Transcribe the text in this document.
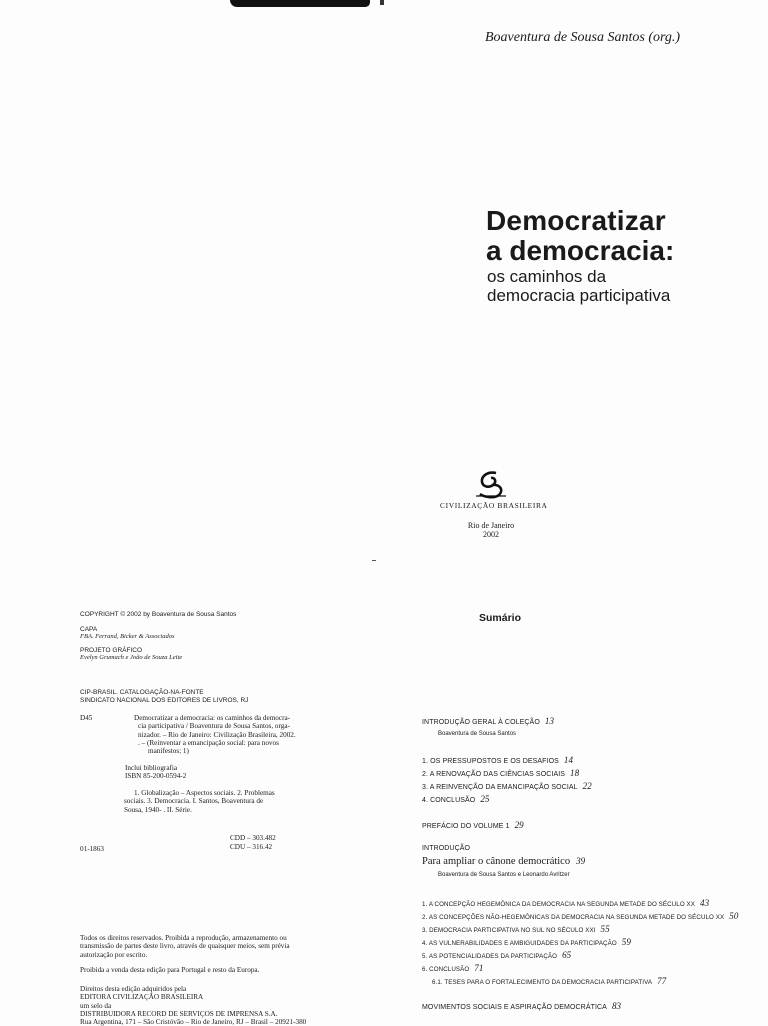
Boaventura de Sousa Santos (org.)
Democratizar
a democracia:
os caminhos da
democracia participativa
CIVILIZAÇÃO BRASILEIRA
Rio de Janeiro
2002
COPYRIGHT © 2002 by Boaventura de Sousa Santos
CAPA
FBA. Ferrand, Bicker & Associados
PROJETO GRÁFICO
Evelyn Grumach e João de Souza Leite
CIP-BRASIL. CATALOGAÇÃO-NA-FONTE
SINDICATO NACIONAL DOS EDITORES DE LIVROS, RJ
D45	Democratizar a democracia: os caminhos da democra-
cia participativa / Boaventura de Sousa Santos, orga-
nizador. – Rio de Janeiro: Civilização Brasileira, 2002.
. – (Reinventar a emancipação social: para novos
manifestos; 1)
Inclui bibliografia
ISBN 85-200-0594-2
1. Globalização – Aspectos sociais. 2. Problemas
sociais. 3. Democracia. I. Santos, Boaventura de
Sousa, 1940- . II. Série.
CDD – 303.482
CDU – 316.42
01-1863
Todos os direitos reservados. Proibida a reprodução, armazenamento ou
transmissão de partes deste livro, através de quaisquer meios, sem prévia
autorização por escrito.
Proibida a venda desta edição para Portugal e resto da Europa.
Direitos desta edição adquiridos pela
EDITORA CIVILIZAÇÃO BRASILEIRA
um selo da
DISTRIBUIDORA RECORD DE SERVIÇOS DE IMPRENSA S.A.
Rua Argentina, 171 – São Cristóvão – Rio de Janeiro, RJ – Brasil – 20921-380
Sumário
INTRODUÇÃO GERAL À COLEÇÃO 13
Boaventura de Sousa Santos
1. OS PRESSUPOSTOS E OS DESAFIOS 14
2. A RENOVAÇÃO DAS CIÊNCIAS SOCIAIS 18
3. A REINVENÇÃO DA EMANCIPAÇÃO SOCIAL 22
4. CONCLUSÃO 25
PREFÁCIO DO VOLUME 1 29
INTRODUÇÃO
Para ampliar o cânone democrático 39
Boaventura de Sousa Santos e Leonardo Avritzer
1. A CONCEPÇÃO HEGEMÔNICA DA DEMOCRACIA NA SEGUNDA METADE DO SÉCULO XX 43
2. AS CONCEPÇÕES NÃO-HEGEMÔNICAS DA DEMOCRACIA NA SEGUNDA METADE DO SÉCULO XX 50
3. DEMOCRACIA PARTICIPATIVA NO SUL NO SÉCULO XXI 55
4. AS VULNERABILIDADES E AMBIGUIDADES DA PARTICIPAÇÃO 59
5. AS POTENCIALIDADES DA PARTICIPAÇÃO 65
6. CONCLUSÃO 71
6.1. TESES PARA O FORTALECIMENTO DA DEMOCRACIA PARTICIPATIVA 77
MOVIMENTOS SOCIAIS E ASPIRAÇÃO DEMOCRÁTICA 83
